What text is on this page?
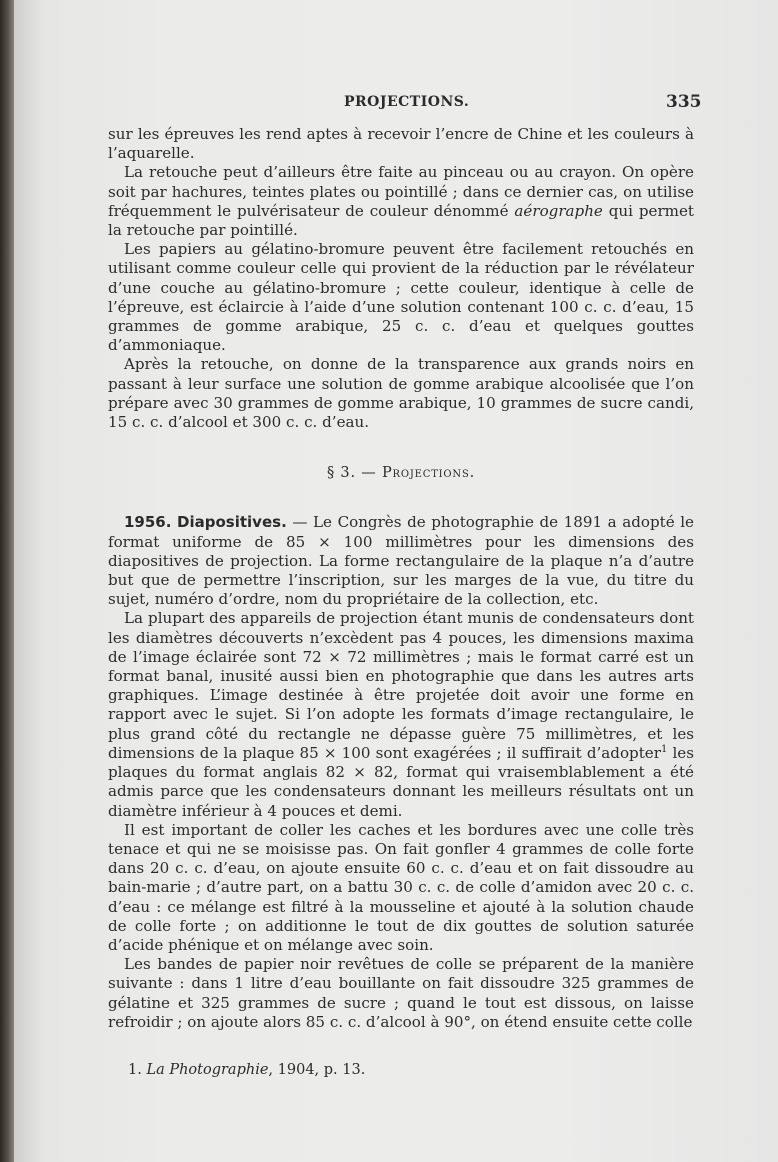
PROJECTIONS.	335

sur les épreuves les rend aptes à recevoir l’encre de Chine et les couleurs à l’aquarelle.

La retouche peut d’ailleurs être faite au pinceau ou au crayon. On opère soit par hachures, teintes plates ou pointillé ; dans ce dernier cas, on utilise fréquemment le pulvérisateur de couleur dénommé aérographe qui permet la retouche par pointillé.

Les papiers au gélatino-bromure peuvent être facilement retouchés en utilisant comme couleur celle qui provient de la réduction par le révélateur d’une couche au gélatino-bromure ; cette couleur, identique à celle de l’épreuve, est éclaircie à l’aide d’une solution contenant 100 c. c. d’eau, 15 grammes de gomme arabique, 25 c. c. d’eau et quelques gouttes d’ammoniaque.

Après la retouche, on donne de la transparence aux grands noirs en passant à leur surface une solution de gomme arabique alcoolisée que l’on prépare avec 30 grammes de gomme arabique, 10 grammes de sucre candi, 15 c. c. d’alcool et 300 c. c. d’eau.

§ 3. — Projections.

1956. Diapositives. — Le Congrès de photographie de 1891 a adopté le format uniforme de 85 × 100 millimètres pour les dimensions des diapositives de projection. La forme rectangulaire de la plaque n’a d’autre but que de permettre l’inscription, sur les marges de la vue, du titre du sujet, numéro d’ordre, nom du propriétaire de la collection, etc.

La plupart des appareils de projection étant munis de condensateurs dont les diamètres découverts n’excèdent pas 4 pouces, les dimensions maxima de l’image éclairée sont 72 × 72 millimètres ; mais le format carré est un format banal, inusité aussi bien en photographie que dans les autres arts graphiques. L’image destinée à être projetée doit avoir une forme en rapport avec le sujet. Si l’on adopte les formats d’image rectangulaire, le plus grand côté du rectangle ne dépasse guère 75 millimètres, et les dimensions de la plaque 85 × 100 sont exagérées ; il suffirait d’adopter$^1$ les plaques du format anglais 82 × 82, format qui vraisemblablement a été admis parce que les condensateurs donnant les meilleurs résultats ont un diamètre inférieur à 4 pouces et demi.

Il est important de coller les caches et les bordures avec une colle très tenace et qui ne se moisisse pas. On fait gonfler 4 grammes de colle forte dans 20 c. c. d’eau, on ajoute ensuite 60 c. c. d’eau et on fait dissoudre au bain-marie ; d’autre part, on a battu 30 c. c. de colle d’amidon avec 20 c. c. d’eau : ce mélange est filtré à la mousseline et ajouté à la solution chaude de colle forte ; on additionne le tout de dix gouttes de solution saturée d’acide phénique et on mélange avec soin.

Les bandes de papier noir revêtues de colle se préparent de la manière suivante : dans 1 litre d’eau bouillante on fait dissoudre 325 grammes de gélatine et 325 grammes de sucre ; quand le tout est dissous, on laisse refroidir ; on ajoute alors 85 c. c. d’alcool à 90°, on étend ensuite cette colle

1. La Photographie, 1904, p. 13.
